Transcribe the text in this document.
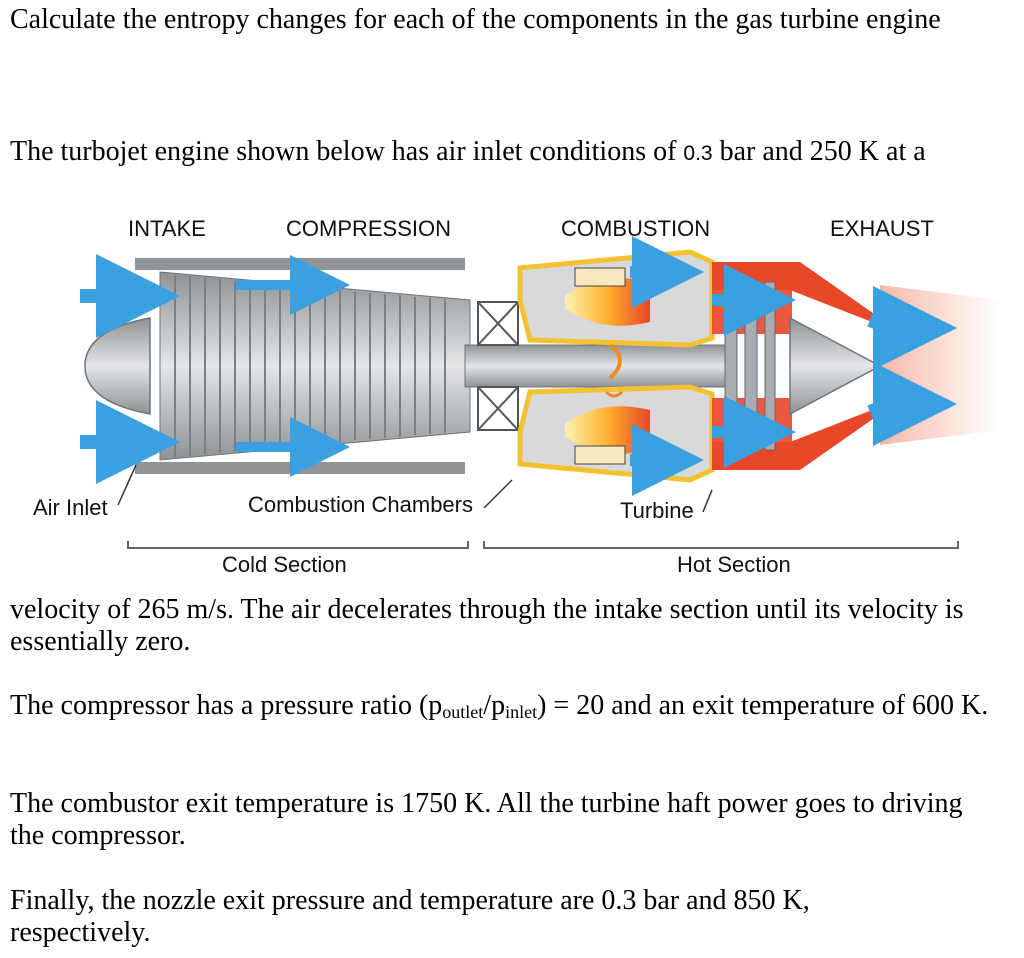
Calculate the entropy changes for each of the components in the gas turbine engine

The turbojet engine shown below has air inlet conditions of 0.3 bar and 250 K at a

INTAKE	COMPRESSION	COMBUSTION	EXHAUST
Air Inlet	Combustion Chambers	Turbine
Cold Section	Hot Section

velocity of 265 m/s. The air decelerates through the intake section until its velocity is essentially zero.

The compressor has a pressure ratio $(p_{outlet}/p_{inlet}) = 20$ and an exit temperature of 600 K.

The combustor exit temperature is 1750 K. All the turbine haft power goes to driving the compressor.

Finally, the nozzle exit pressure and temperature are 0.3 bar and 850 K, respectively.
